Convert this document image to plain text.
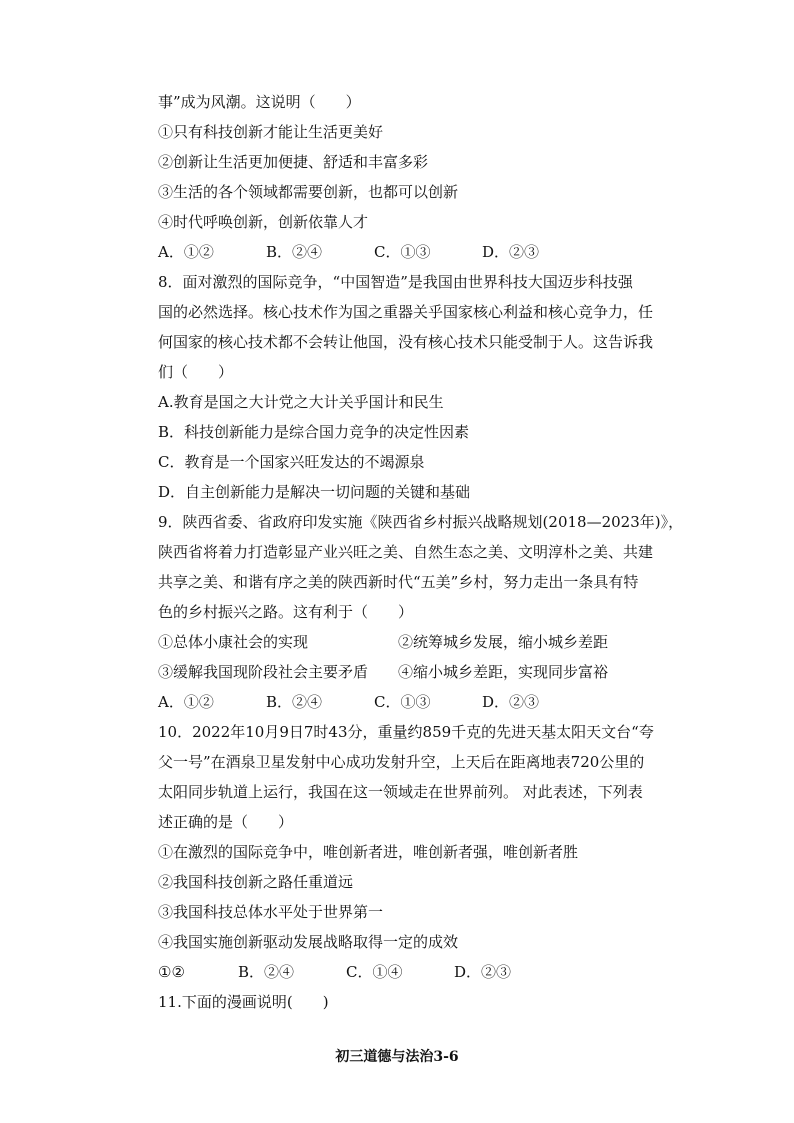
事”成为风潮。这说明（　　）
①只有科技创新才能让生活更美好
②创新让生活更加便捷、舒适和丰富多彩
③生活的各个领域都需要创新，也都可以创新
④时代呼唤创新，创新依靠人才
A．①②	B．②④	C．①③	D．②③
8．面对激烈的国际竞争，“中国智造”是我国由世界科技大国迈步科技强
国的必然选择。核心技术作为国之重器关乎国家核心利益和核心竞争力，任
何国家的核心技术都不会转让他国，没有核心技术只能受制于人。这告诉我
们（　　）
A.教育是国之大计党之大计关乎国计和民生
B．科技创新能力是综合国力竞争的决定性因素
C．教育是一个国家兴旺发达的不竭源泉
D．自主创新能力是解决一切问题的关键和基础
9．陕西省委、省政府印发实施《陕西省乡村振兴战略规划(2018—2023年)》，
陕西省将着力打造彰显产业兴旺之美、自然生态之美、文明淳朴之美、共建
共享之美、和谐有序之美的陕西新时代“五美”乡村，努力走出一条具有特
色的乡村振兴之路。这有利于（　　）
①总体小康社会的实现	②统筹城乡发展，缩小城乡差距
③缓解我国现阶段社会主要矛盾	④缩小城乡差距，实现同步富裕
A．①②	B．②④	C．①③	D．②③
10．2022年10月9日7时43分，重量约859千克的先进天基太阳天文台“夸
父一号”在酒泉卫星发射中心成功发射升空，上天后在距离地表720公里的
太阳同步轨道上运行，我国在这一领域走在世界前列。 对此表述，下列表
述正确的是（　　）
①在激烈的国际竞争中，唯创新者进，唯创新者强，唯创新者胜
②我国科技创新之路任重道远
③我国科技总体水平处于世界第一
④我国实施创新驱动发展战略取得一定的成效
①②	B．②④	C．①④	D．②③
11.下面的漫画说明(　　)
初三道德与法治3-6
